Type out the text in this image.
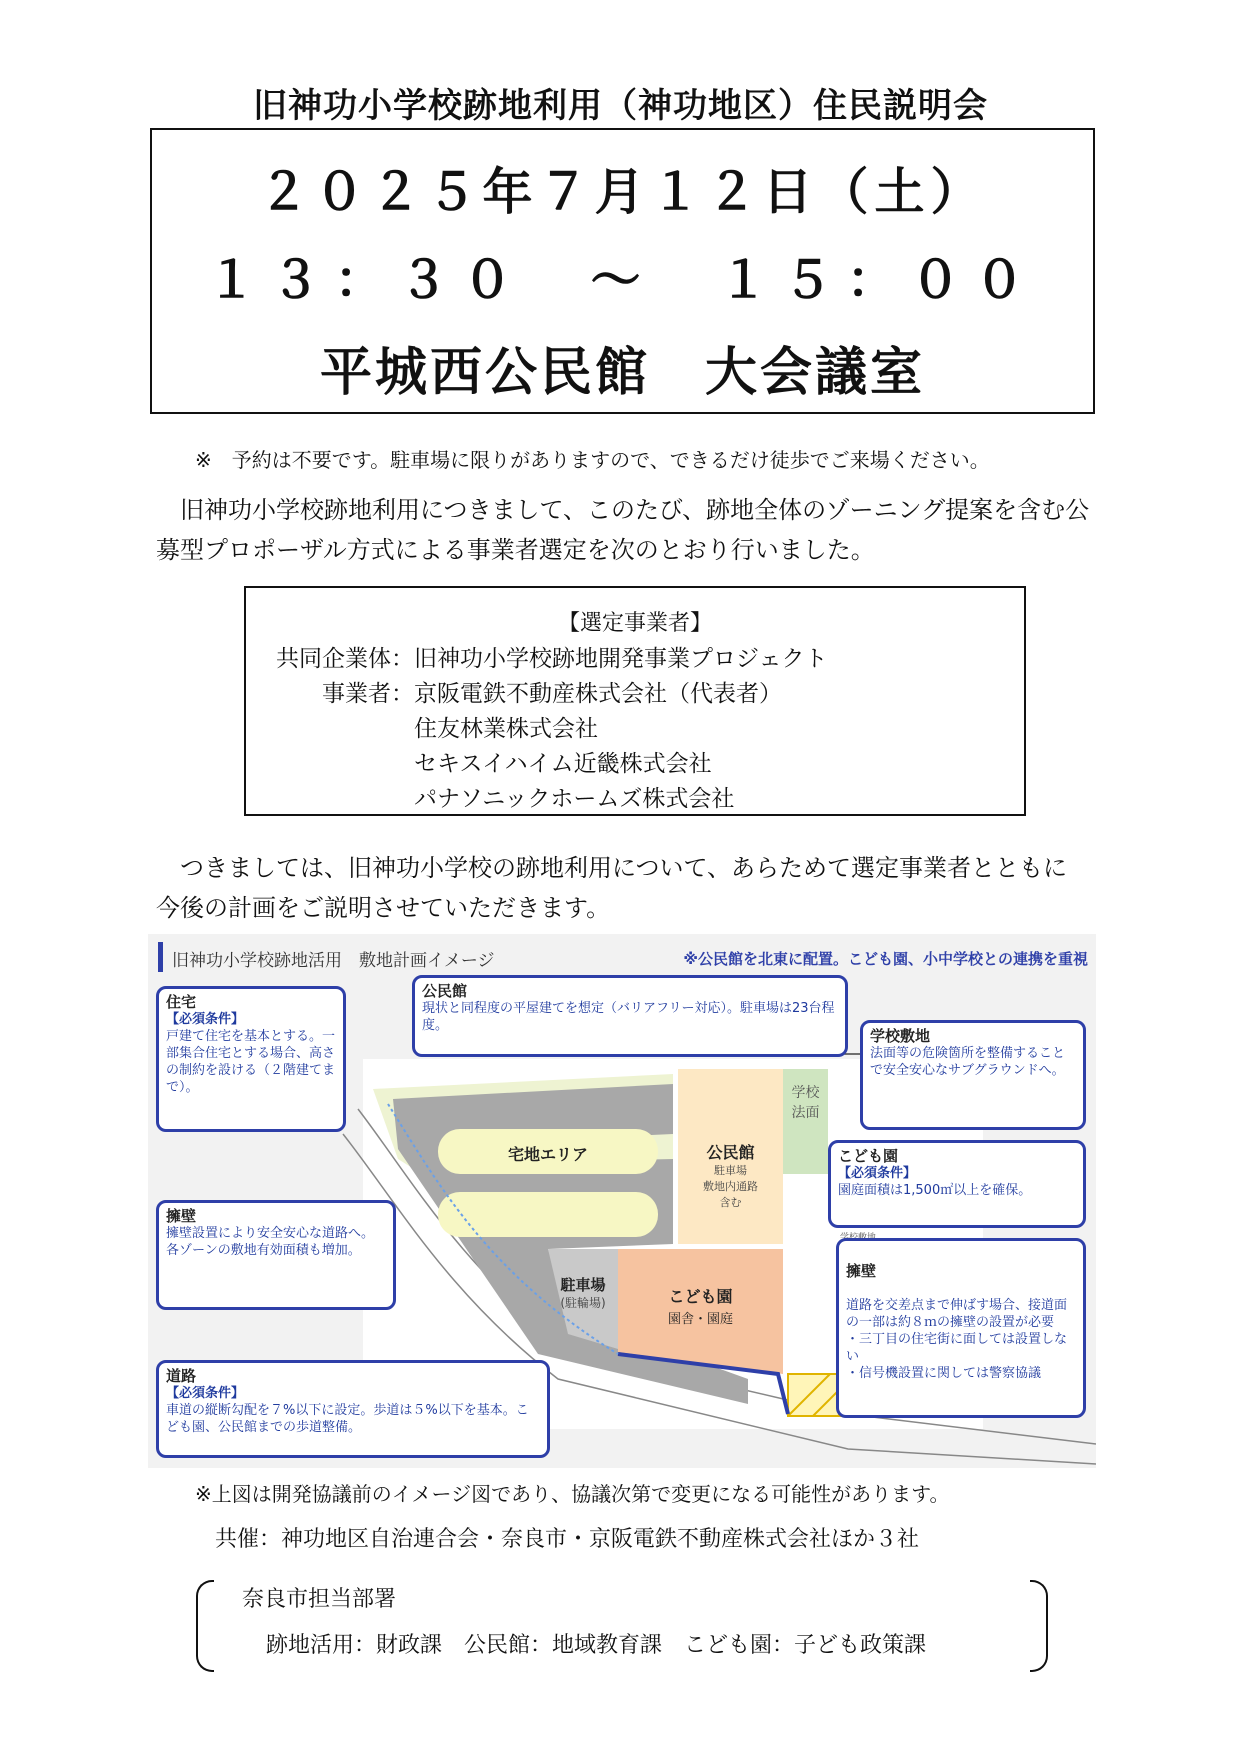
旧神功小学校跡地利用（神功地区）住民説明会
２０２５年７月１２日（土）
１３：３０　～　１５：００
平城西公民館　大会議室
※　予約は不要です。駐車場に限りがありますので、できるだけ徒歩でご来場ください。
旧神功小学校跡地利用につきまして、このたび、跡地全体のゾーニング提案を含む公募型プロポーザル方式による事業者選定を次のとおり行いました。
【選定事業者】
共同企業体： 旧神功小学校跡地開発事業プロジェクト
事業者： 京阪電鉄不動産株式会社（代表者）
住友林業株式会社
セキスイハイム近畿株式会社
パナソニックホームズ株式会社
つきましては、旧神功小学校の跡地利用について、あらためて選定事業者とともに今後の計画をご説明させていただきます。
旧神功小学校跡地活用　敷地計画イメージ	※公民館を北東に配置。こども園、小中学校との連携を重視
宅地エリア	公民館
駐車場
敷地内通路
含む
駐車場
(駐輪場)	こども園
園舎・園庭
学校
法面
住宅
【必須条件】
戸建て住宅を基本とする。一部集合住宅とする場合、高さの制約を設ける（２階建てまで）。
公民館
現状と同程度の平屋建てを想定（バリアフリー対応）。駐車場は23台程度。
学校敷地
法面等の危険箇所を整備することで安全安心なサブグラウンドへ。
こども園
【必須条件】
園庭面積は1,500㎡以上を確保。
擁壁
擁壁設置により安全安心な道路へ。各ゾーンの敷地有効面積も増加。

擁壁

道路を交差点まで伸ばす場合、接道面の一部は約８ｍの擁壁の設置が必要
・三丁目の住宅街に面しては設置しない
・信号機設置に関しては警察協議

道路
【必須条件】
車道の縦断勾配を７%以下に設定。歩道は５%以下を基本。こども園、公民館までの歩道整備。
※上図は開発協議前のイメージ図であり、協議次第で変更になる可能性があります。
共催：神功地区自治連合会・奈良市・京阪電鉄不動産株式会社ほか３社
奈良市担当部署
跡地活用：財政課　公民館：地域教育課　こども園：子ども政策課
